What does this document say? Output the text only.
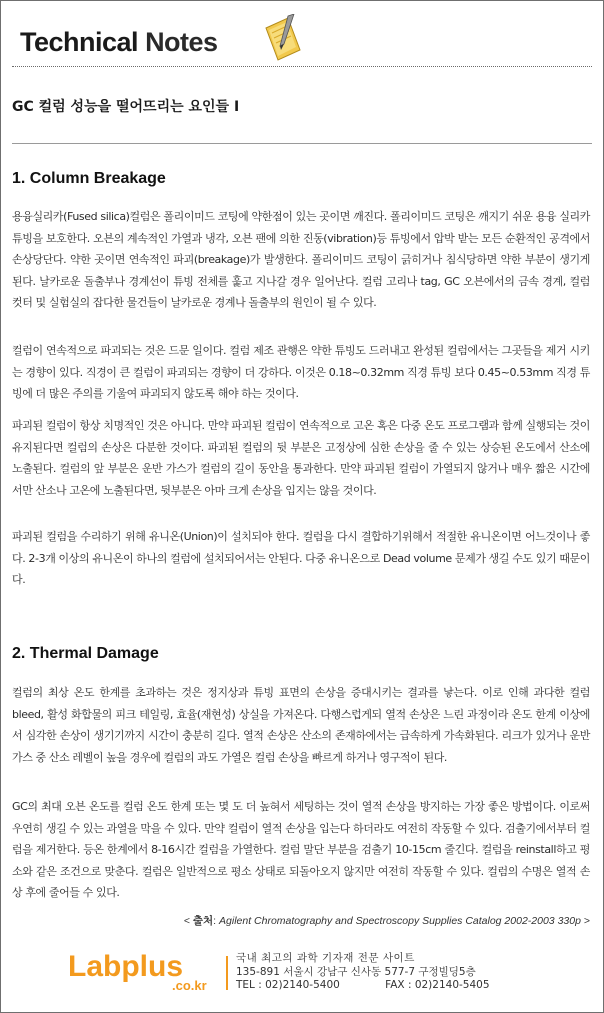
Technical Notes
GC 컬럼 성능을 떨어뜨리는 요인들 I
1. Column Breakage

용융실리카(Fused silica)컬럼은 폴리이미드 코팅에 약한점이 있는 곳이면 깨진다. 폴리이미드 코팅은 깨지기 쉬운 용융 실리카 튜빙을 보호한다. 오븐의 계속적인 가열과 냉각, 오븐 팬에 의한 진동(vibration)등 튜빙에서 압박 받는 모든 순환적인 공격에서 손상당단다. 약한 곳이면 연속적인 파괴(breakage)가 발생한다. 폴리이미드 코팅이 긁히거나 침식당하면 약한 부분이 생기게 된다. 날카로운 돌출부나 경계선이 튜빙 전체를 훑고 지나갈 경우 일어난다. 컬럼 고리나 tag, GC 오븐에서의 금속 경계, 컬럼 컷터 및 실험실의 잡다한 물건들이 날카로운 경계나 돌출부의 원인이 될 수 있다.

컬럼이 연속적으로 파괴되는 것은 드문 일이다. 컬럼 제조 관행은 약한 튜빙도 드러내고 완성된 컬럼에서는 그곳들을 제거 시키는 경향이 있다. 직경이 큰 컬럼이 파괴되는 경향이 더 강하다. 이것은 0.18~0.32mm 직경 튜빙 보다 0.45~0.53mm 직경 튜빙에 더 많은 주의를 기울여 파괴되지 않도록 해야 하는 것이다.

파괴된 컬럼이 항상 치명적인 것은 아니다. 만약 파괴된 컬럼이 연속적으로 고온 혹은 다중 온도 프로그램과 함께 실행되는 것이 유지된다면 컬럼의 손상은 다분한 것이다. 파괴된 컬럼의 뒷 부분은 고정상에 심한 손상을 줄 수 있는 상승된 온도에서 산소에 노출된다. 컬럼의 앞 부분은 운반 가스가 컬럼의 길이 동안을 통과한다. 만약 파괴된 컬럼이 가열되지 않거나 매우 짧은 시간에서만 산소나 고온에 노출된다면, 뒷부분은 아마 크게 손상을 입지는 않을 것이다.

파괴된 컬럼을 수리하기 위해 유니온(Union)이 설치되야 한다. 컬럼을 다시 결합하기위해서 적절한 유니온이면 어느것이나 좋다. 2-3개 이상의 유니온이 하나의 컬럼에 설치되어서는 안된다. 다중 유니온으로 Dead volume 문제가 생길 수도 있기 때문이다.

2. Thermal Damage

컬럼의 최상 온도 한계를 초과하는 것은 정지상과 튜빙 표면의 손상을 증대시키는 결과를 낳는다. 이로 인해 과다한 컬럼 bleed, 활성 화합물의 피크 테일링, 효율(재현성) 상실을 가져온다. 다행스럽게되 열적 손상은 느린 과정이라 온도 한계 이상에서 심각한 손상이 생기기까지 시간이 충분히 길다. 열적 손상은 산소의 존재하에서는 급속하게 가속화된다. 리크가 있거나 운반 가스 중 산소 레벨이 높을 경우에 컬럼의 과도 가열은 컬럼 손상을 빠르게 하거나 영구적이 된다.

GC의 최대 오븐 온도를 컬럼 온도 한계 또는 몇 도 더 높혀서 세팅하는 것이 열적 손상을 방지하는 가장 좋은 방법이다. 이로써 우연히 생길 수 있는 과열을 막을 수 있다. 만약 컬럼이 열적 손상을 입는다 하더라도 여전히 작동할 수 있다. 검출기에서부터 컬럼을 제거한다. 등온 한계에서 8-16시간 컬럼을 가열한다. 컬럼 말단 부분을 검출기 10-15cm 줄긴다. 컬럼을 reinstall하고 평소와 같은 조건으로 맞춘다. 컬럼은 일반적으로 평소 상태로 되돌아오지 않지만 여전히 작동할 수 있다. 컬럼의 수명은 열적 손상 후에 줄어들 수 있다.

< 출처: Agilent Chromatography and Spectroscopy Supplies Catalog 2002-2003 330p >
Labplus
.co.kr
국내 최고의 과학 기자재 전문 사이트
135-891 서울시 강남구 신사동 577-7 구정빌딩5층
TEL : 02)2140-5400	FAX : 02)2140-5405
